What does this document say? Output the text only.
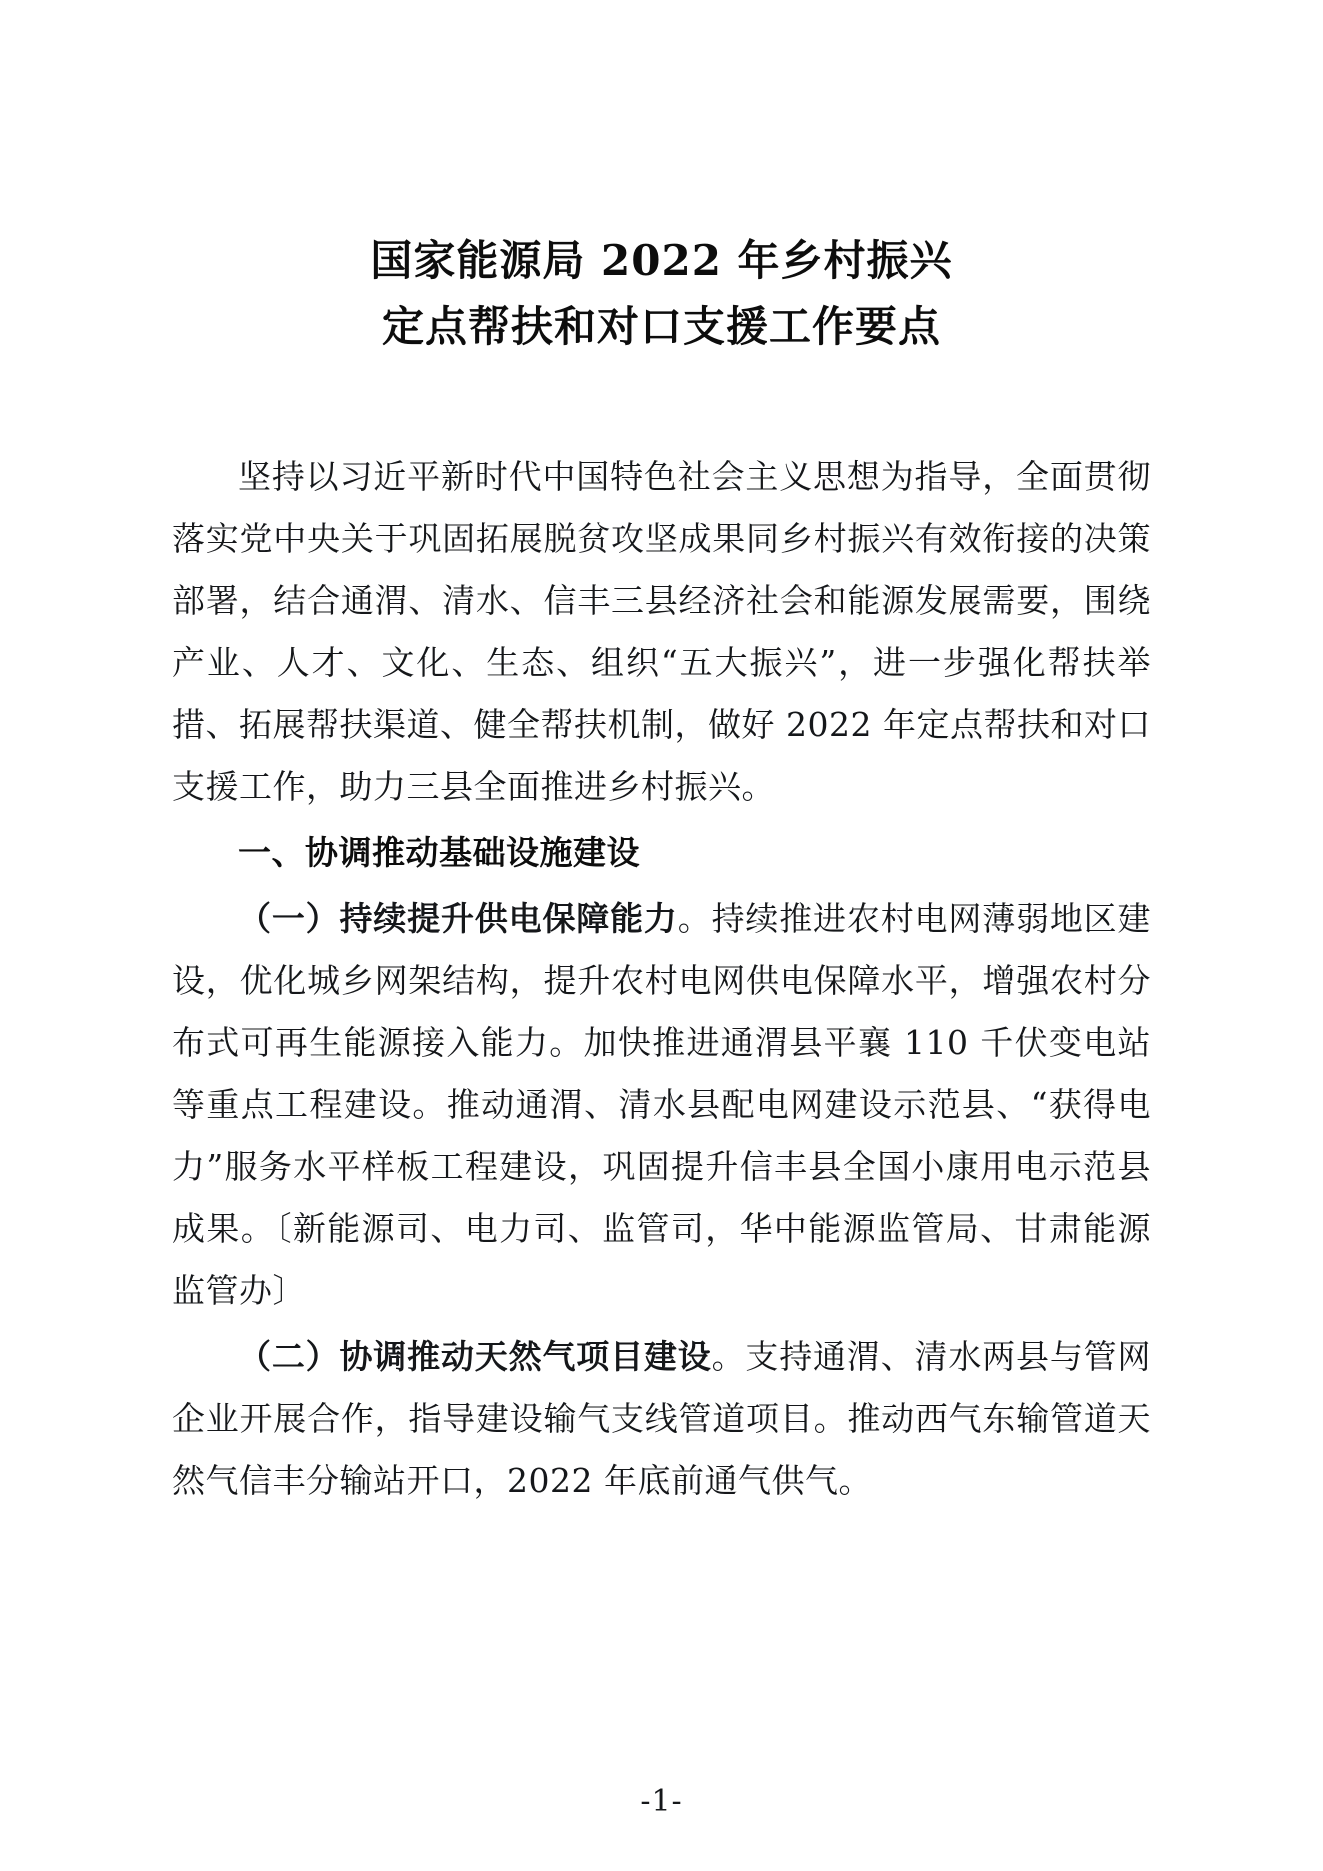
国家能源局 2022 年乡村振兴
定点帮扶和对口支援工作要点

坚持以习近平新时代中国特色社会主义思想为指导，全面贯彻落实党中央关于巩固拓展脱贫攻坚成果同乡村振兴有效衔接的决策部署，结合通渭、清水、信丰三县经济社会和能源发展需要，围绕产业、人才、文化、生态、组织“五大振兴”，进一步强化帮扶举措、拓展帮扶渠道、健全帮扶机制，做好 2022 年定点帮扶和对口支援工作，助力三县全面推进乡村振兴。

一、协调推动基础设施建设

（一）持续提升供电保障能力。持续推进农村电网薄弱地区建设，优化城乡网架结构，提升农村电网供电保障水平，增强农村分布式可再生能源接入能力。加快推进通渭县平襄 110 千伏变电站等重点工程建设。推动通渭、清水县配电网建设示范县、“获得电力”服务水平样板工程建设，巩固提升信丰县全国小康用电示范县成果。〔新能源司、电力司、监管司，华中能源监管局、甘肃能源监管办〕

（二）协调推动天然气项目建设。支持通渭、清水两县与管网企业开展合作，指导建设输气支线管道项目。推动西气东输管道天然气信丰分输站开口，2022 年底前通气供气。

-1-
